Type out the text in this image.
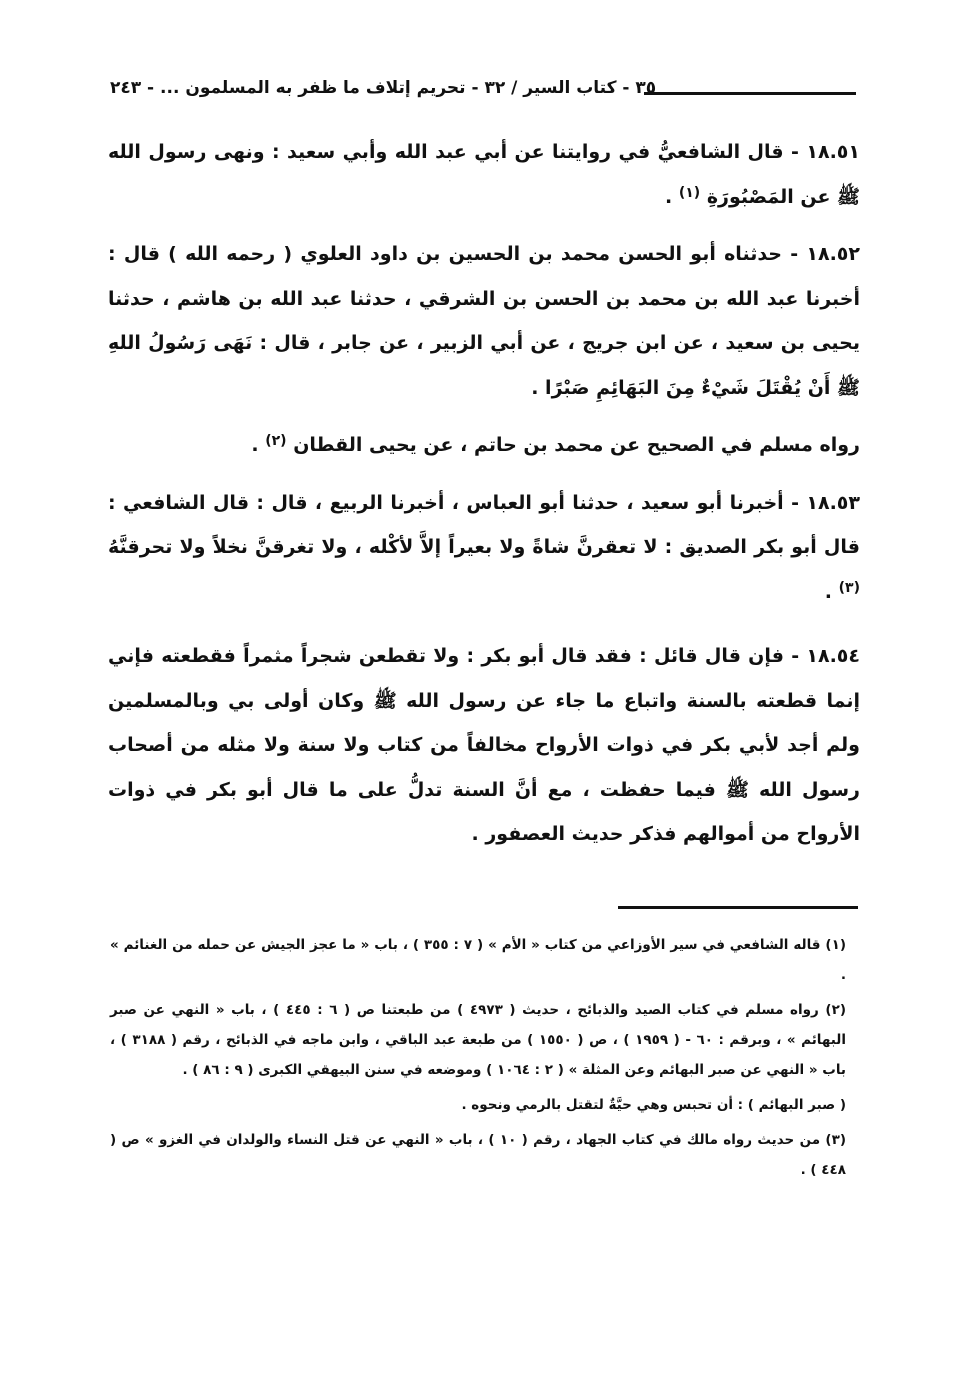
٣٥ - كتاب السير / ٣٢ - تحريم إتلاف ما ظفر به المسلمون ... - ٢٤٣

١٨.٥١ - قال الشافعيُّ في روايتنا عن أبي عبد الله وأبي سعيد : ونهى رسول الله ﷺ عن المَصْبُورَةِ $^{(١)}$ .

١٨.٥٢ - حدثناه أبو الحسن محمد بن الحسين بن داود العلوي ( رحمه الله ) قال : أخبرنا عبد الله بن محمد بن الحسن بن الشرقي ، حدثنا عبد الله بن هاشم ، حدثنا يحيى بن سعيد ، عن ابن جريج ، عن أبي الزبير ، عن جابر ، قال : نَهَى رَسُولُ اللهِ ﷺ أَنْ يُقْتَلَ شَيْءٌ مِنَ البَهَائِمِ صَبْرًا .

رواه مسلم في الصحيح عن محمد بن حاتم ، عن يحيى القطان $^{(٢)}$ .

١٨.٥٣ - أخبرنا أبو سعيد ، حدثنا أبو العباس ، أخبرنا الربيع ، قال : قال الشافعي : قال أبو بكر الصديق : لا تعقرنَّ شاةً ولا بعيراً إلاَّ لأكْله ، ولا تغرقنَّ نخلاً ولا تحرقنَّهُ $^{(٣)}$ .

١٨.٥٤ - فإن قال قائل : فقد قال أبو بكر : ولا تقطعن شجراً مثمراً فقطعته فإني إنما قطعته بالسنة واتباع ما جاء عن رسول الله ﷺ وكان أولى بي وبالمسلمين ولم أجد لأبي بكر في ذوات الأرواح مخالفاً من كتاب ولا سنة ولا مثله من أصحاب رسول الله ﷺ فيما حفظت ، مع أنَّ السنة تدلُّ على ما قال أبو بكر في ذوات الأرواح من أموالهم فذكر حديث العصفور .

(١) قاله الشافعي في سير الأوزاعي من كتاب « الأم » ( ٧ : ٣٥٥ ) ، باب « ما عجز الجيش عن حمله من الغنائم » .

(٢) رواه مسلم في كتاب الصيد والذبائح ، حديث ( ٤٩٧٣ ) من طبعتنا ص ( ٦ : ٤٤٥ ) ، باب « النهي عن صبر البهائم » ، وبرقم : ٦٠ - ( ١٩٥٩ ) ، ص ( ١٥٥٠ ) من طبعة عبد الباقي ، وابن ماجه في الذبائح ، رقم ( ٣١٨٨ ) ، باب « النهي عن صبر البهائم وعن المثلة » ( ٢ : ١٠٦٤ ) وموضعه في سنن البيهقي الكبرى ( ٩ : ٨٦ ) .

( صبر البهائم ) : أن تحبس وهي حيَّةٌ لتقتل بالرمي ونحوه .

(٣) من حديث رواه مالك في كتاب الجهاد ، رقم ( ١٠ ) ، باب « النهي عن قتل النساء والولدان في الغزو » ص ( ٤٤٨ ) .
